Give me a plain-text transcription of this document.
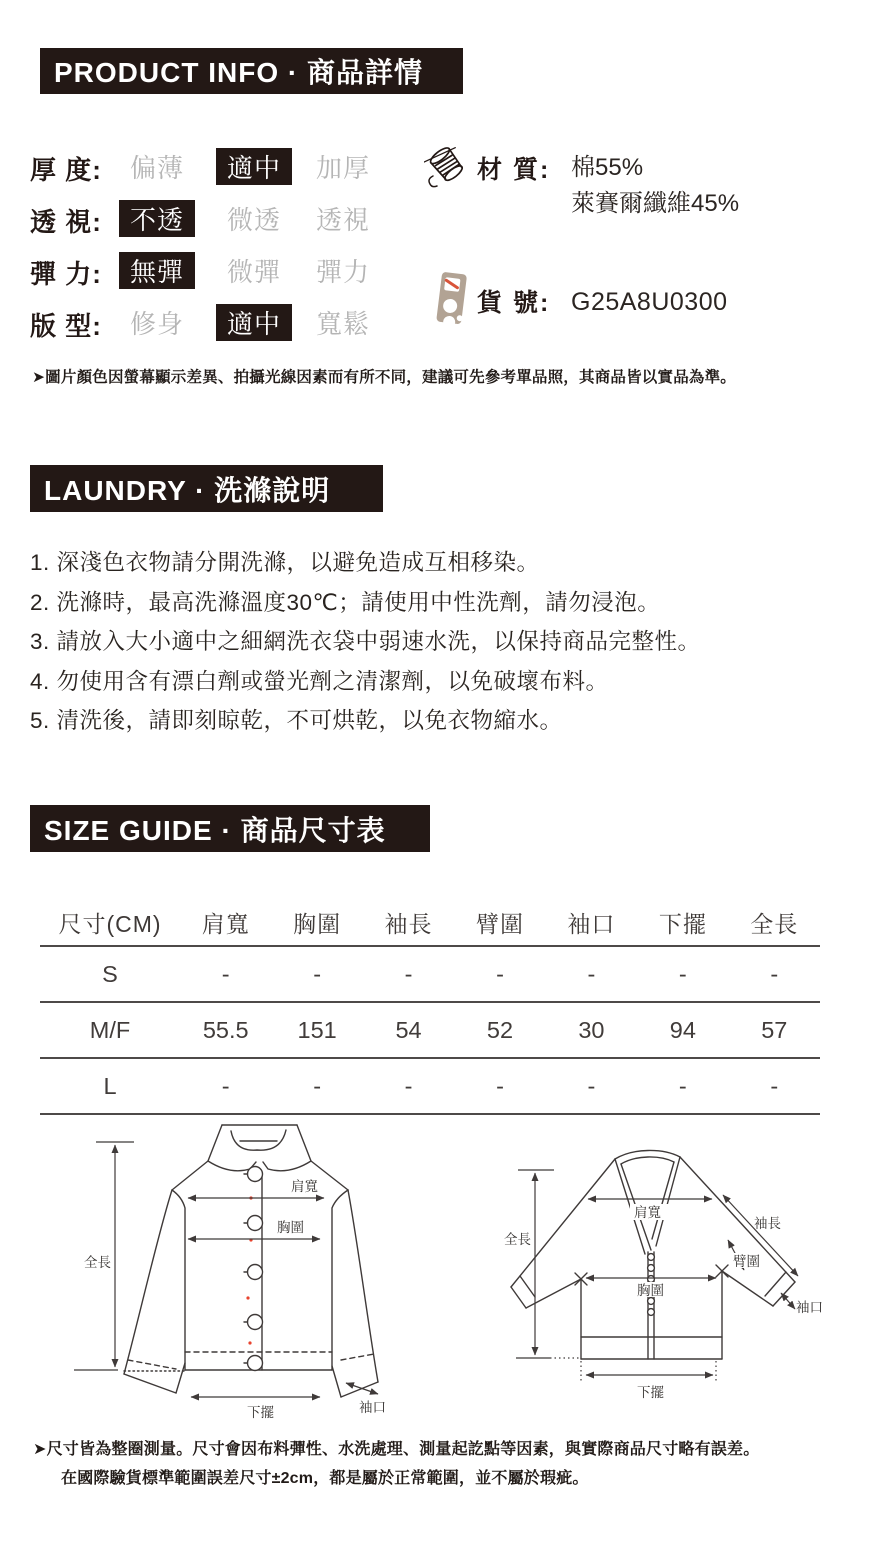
PRODUCT INFO · 商品詳情
厚 度: 偏薄	適中	加厚
透 視:	不透	微透 透視
彈 力:	無彈	微彈 彈力
版 型: 修身	適中	寬鬆
材 質: 棉55%
萊賽爾纖維45%
貨 號: G25A8U0300
➤圖片顏色因螢幕顯示差異、拍攝光線因素而有所不同，建議可先參考單品照，其商品皆以實品為準。
LAUNDRY · 洗滌說明
1. 深淺色衣物請分開洗滌，以避免造成互相移染。
2. 洗滌時，最高洗滌溫度30℃；請使用中性洗劑，請勿浸泡。
3. 請放入大小適中之細網洗衣袋中弱速水洗，以保持商品完整性。
4. 勿使用含有漂白劑或螢光劑之清潔劑，以免破壞布料。
5. 清洗後，請即刻晾乾，不可烘乾，以免衣物縮水。
SIZE GUIDE · 商品尺寸表
尺寸(CM)	肩寬	胸圍	袖長	臂圍	袖口	下擺	全長
S	-	-	-	-	-	-	-
M/F	55.5	151	54	52	30	94	57
L	-	-	-	-	-	-	-
全長
肩寬
胸圍
下擺	袖口
肩寬
全長
袖長
臂圍
胸圍
袖口
下擺
➤尺寸皆為整圈測量。尺寸會因布料彈性、水洗處理、測量起訖點等因素，與實際商品尺寸略有誤差。
在國際驗貨標準範圍誤差尺寸±2cm，都是屬於正常範圍，並不屬於瑕疵。
